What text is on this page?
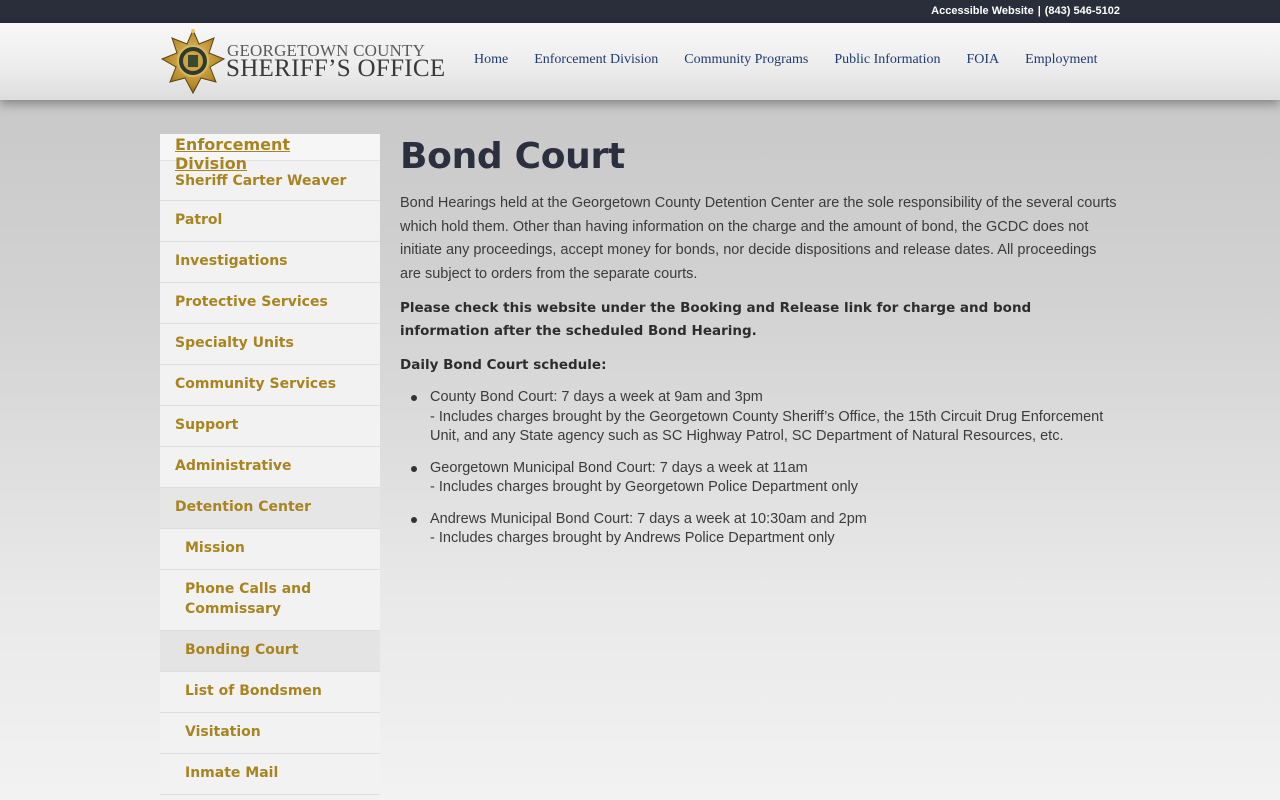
Accessible Website | (843) 546-5102
GEORGETOWN COUNTY
SHERIFF’S OFFICE Home Enforcement Division Community Programs Public Information FOIA Employment
Enforcement Division
Sheriff Carter Weaver
Patrol
Investigations
Protective Services
Specialty Units
Community Services
Support
Administrative
Detention Center
Mission
Phone Calls and Commissary
Bonding Court
List of Bondsmen
Visitation
Inmate Mail
Bond Court

Bond Hearings held at the Georgetown County Detention Center are the sole responsibility of the several courts which hold them. Other than having information on the charge and the amount of bond, the GCDC does not initiate any proceedings, accept money for bonds, nor decide dispositions and release dates. All proceedings are subject to orders from the separate courts.

Please check this website under the Booking and Release link for charge and bond information after the scheduled Bond Hearing.

Daily Bond Court schedule:

County Bond Court: 7 days a week at 9am and 3pm
- Includes charges brought by the Georgetown County Sheriff’s Office, the 15th Circuit Drug Enforcement Unit, and any State agency such as SC Highway Patrol, SC Department of Natural Resources, etc.
Georgetown Municipal Bond Court: 7 days a week at 11am
- Includes charges brought by Georgetown Police Department only
Andrews Municipal Bond Court: 7 days a week at 10:30am and 2pm
- Includes charges brought by Andrews Police Department only
